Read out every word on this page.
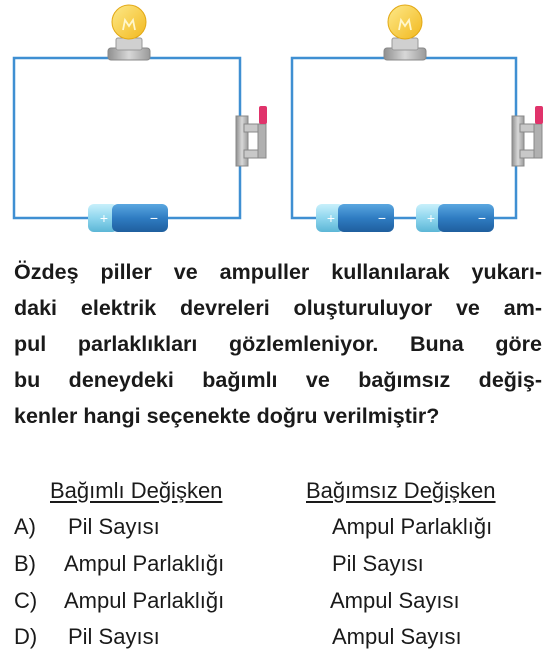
+	−	+	−	+	−
Özdeş piller ve ampuller kullanılarak yukarı-
daki elektrik devreleri oluşturuluyor ve am-
pul parlaklıkları gözlemleniyor. Buna göre
bu deneydeki bağımlı ve bağımsız değiş-
kenler hangi seçenekte doğru verilmiştir?
Bağımlı Değişken	Bağımsız Değişken
A) Pil Sayısı	Ampul Parlaklığı
B) Ampul Parlaklığı	Pil Sayısı
C) Ampul Parlaklığı	Ampul Sayısı
D) Pil Sayısı	Ampul Sayısı
